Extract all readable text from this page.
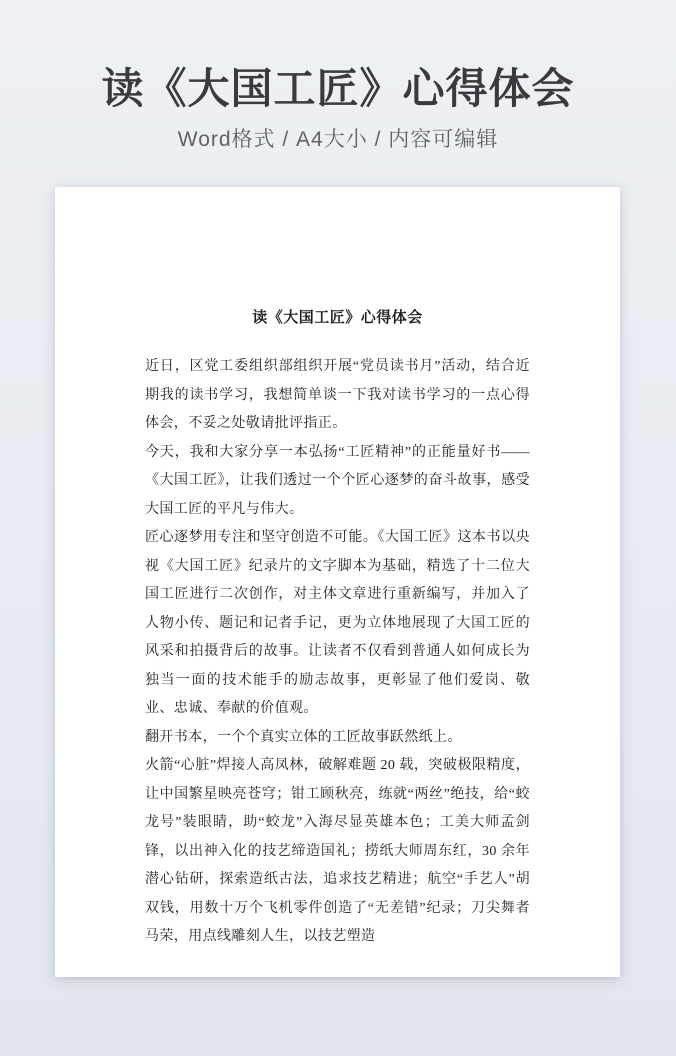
读《大国工匠》心得体会

Word格式 / A4大小 / 内容可编辑

读《大国工匠》心得体会

近日，区党工委组织部组织开展“党员读书月”活动，结合近期我的读书学习，我想简单谈一下我对读书学习的一点心得体会，不妥之处敬请批评指正。

今天，我和大家分享一本弘扬“工匠精神”的正能量好书——《大国工匠》，让我们透过一个个匠心逐梦的奋斗故事，感受大国工匠的平凡与伟大。

匠心逐梦用专注和坚守创造不可能。《大国工匠》这本书以央视《大国工匠》纪录片的文字脚本为基础，精选了十二位大国工匠进行二次创作，对主体文章进行重新编写，并加入了人物小传、题记和记者手记，更为立体地展现了大国工匠的风采和拍摄背后的故事。让读者不仅看到普通人如何成长为独当一面的技术能手的励志故事，更彰显了他们爱岗、敬业、忠诚、奉献的价值观。

翻开书本，一个个真实立体的工匠故事跃然纸上。

火箭“心脏”焊接人高凤林，破解难题 20 载，突破极限精度，让中国繁星映亮苍穹；钳工顾秋亮，练就“两丝”绝技，给“蛟龙号”装眼睛，助“蛟龙”入海尽显英雄本色；工美大师孟剑锋，以出神入化的技艺缔造国礼；捞纸大师周东红，30 余年潜心钻研，探索造纸古法，追求技艺精进；航空“手艺人”胡双钱，用数十万个飞机零件创造了“无差错”纪录；刀尖舞者马荣，用点线雕刻人生，以技艺塑造
